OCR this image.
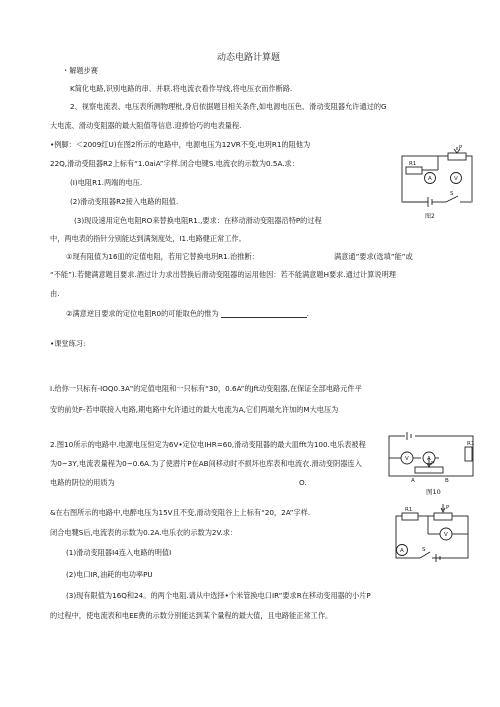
动态电路计算题
・解题步赛
K简化电路,识别电路的串、并联.将电流衣看作导线,将电压衣而作断路.
2、视察电流表、电压表所测物理枇,身启依据题目相关条件,如电源电压色、滑动变阻器允许通过的G
大电流、滑动变阻器的最大阻值等信息.迎捧恰巧的电表量程.
•例脚：＜2009红U)在图2所示的电路中，电源电压为12VR不变,电玥R1的阻他为
22Q,滑动受阻器R2上标有“1.0aiA”字样.闭合电键S.电流衣的示数为0.5A.求：
(I)电阻R1.两端的电压.
(2)滑动变阻器R2接入电路的阻值.
(3)现设速用定色电阻RO来替换电阻R1.,要求：在移动滑动变阻器沿特P的过程
中，两电表的指针分别能达到满刻度处，I1.电路健正常工作。
①现有阻值为16皿的定值电阻，若用它替换电玥R1.治推断：	满意通”要求(选填”能”或
“不能”).若健满意题目要求.酒过计力求出替换后滑动变阻器的运用他因：若不能满意题H要求.通过计算说明理
由.
②满意逆目要求的定位电阻R0的可能取色的惟为	.
R1
P
A	V
S
图2
•课堂练习:
I.给你一只标有-IOQ0.3A"的定值电阻和一只标有“30，0.6A”的Jft动变阻器,在保证全部电路元件平
安的前处F-若申联接入电路,期电路中允许通过的最大电流为A,它们两端允许加的M大电压为
2.图10所示的电路中.电源电压恒定为6V•定位电IHR=60,滑动变阻器的最大皿fft为100.电乐表被程
为0~3Y,电流表量程为0~0.6A.为了使潜片P在AB间移动时不损坏也库表和电流衣.滑动变阴器连入
电路的阴位的用质为	O.
&在右图所示的电路中,电醉电压为15V且不变,滑动变阻谷上上标有“20，2A”字样.
闭合电犍S后,电流表的示数为0.2A.电乐衣的示数为2V.求：
(1)滑动变阻器I4连入电路的明值I
(2)电口IR,油耗的电功率PU
(3)现有限值为16Q和24。的两个电阻.请从中选择•个米管换电口IR”要求R在移动变用器的小片P
的过程中，使电流表和电EE费的示数分别能达到某个量程的最大值，且电路能正常工作。
V	A
P
A	B
R1
图10
R1	P
A
V
S
